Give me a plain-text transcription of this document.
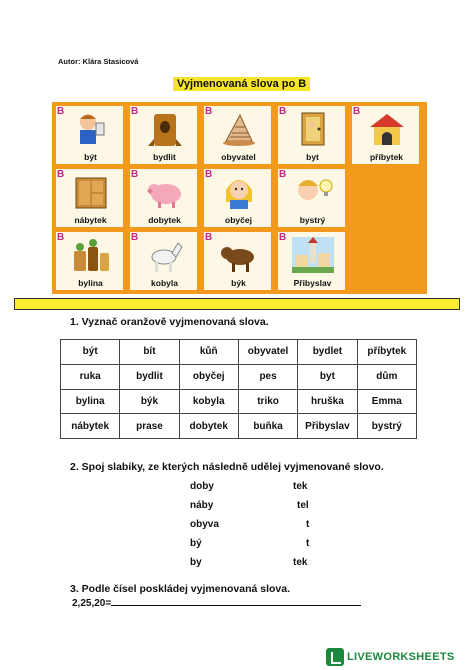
Autor: Klára Stasicová
Vyjmenovaná slova po B
B
být
B
bydlit
B
obyvatel
B
byt
B
příbytek
B
nábytek
B
dobytek
B
obyčej
B
bystrý
B
bylina
B
kobyla
B
býk
B
Přibyslav
1. Vyznač oranžově vyjmenovaná slova.
být	bít	kůň	obyvatel	bydlet	příbytek
ruka	bydlit	obyčej	pes	byt	dům
bylina	býk	kobyla	triko	hruška	Emma
nábytek	prase	dobytek	buňka	Přibyslav	bystrý
2. Spoj slabiky, ze kterých následně udělej vyjmenované slovo.
doby
náby
obyva
bý
by
tek
tel
t
t
tek
3. Podle čísel poskládej vyjmenovaná slova.
2,25,20=
LIVEWORKSHEETS
